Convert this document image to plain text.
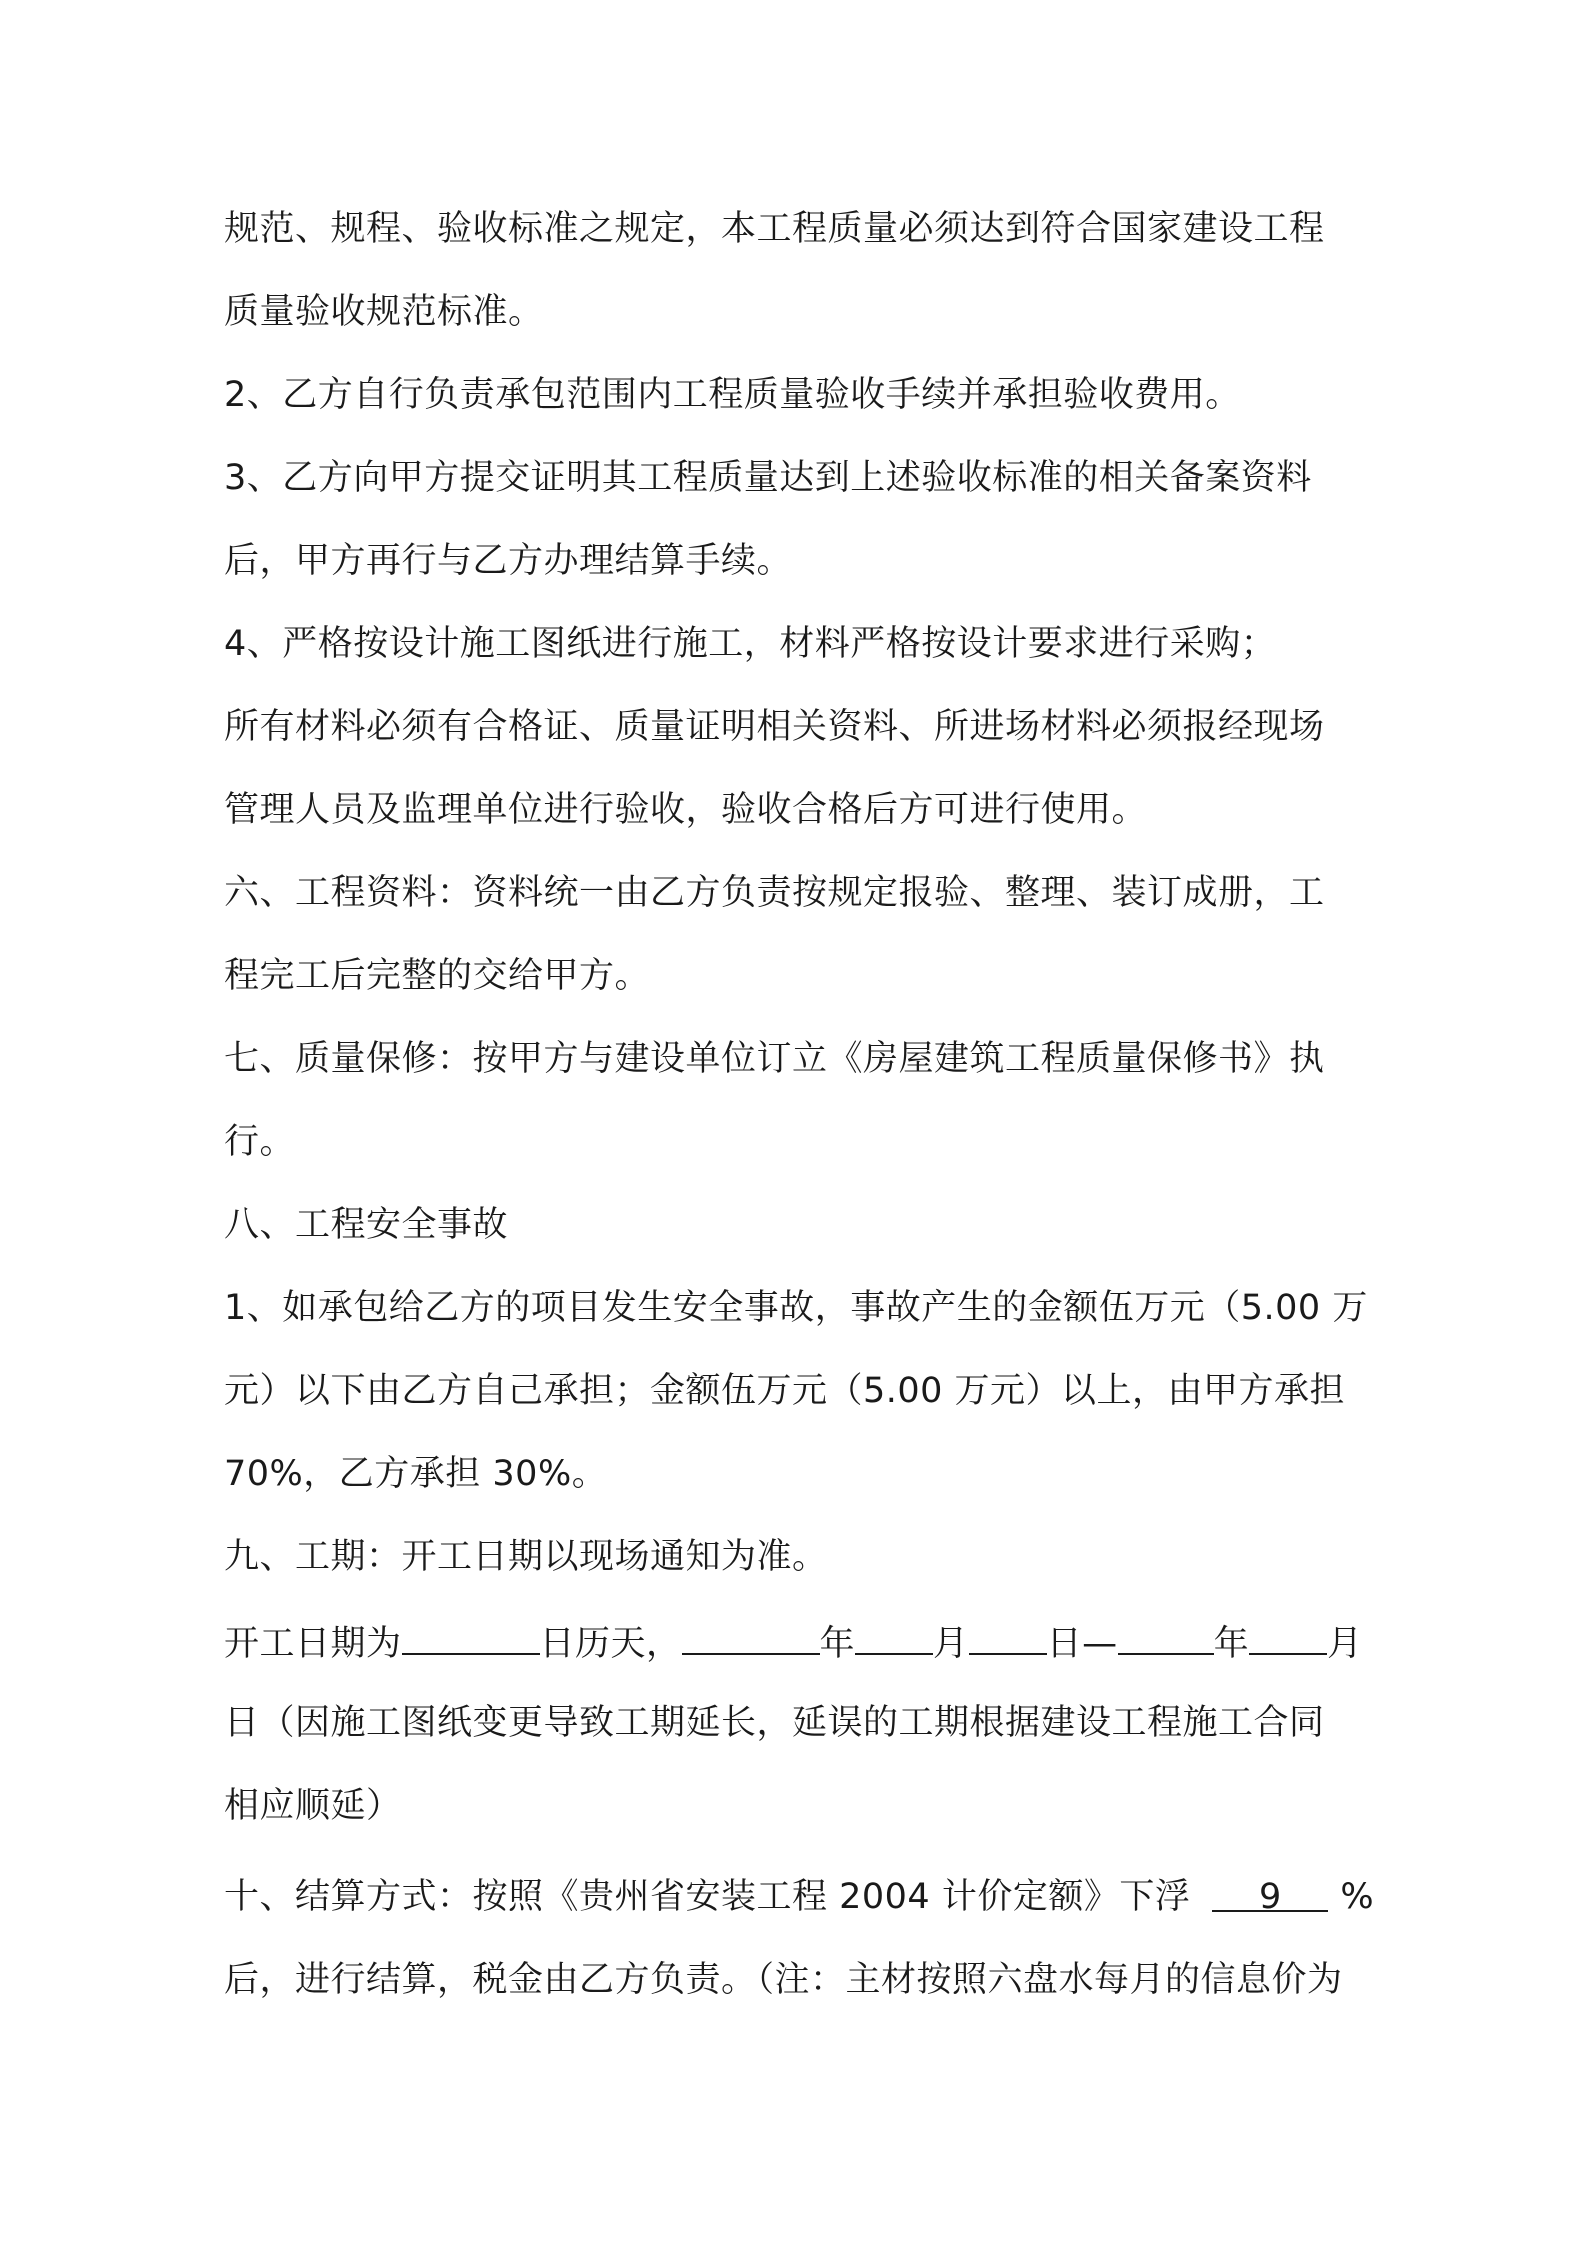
规范、规程、验收标准之规定，本工程质量必须达到符合国家建设工程
质量验收规范标准。
2、乙方自行负责承包范围内工程质量验收手续并承担验收费用。
3、乙方向甲方提交证明其工程质量达到上述验收标准的相关备案资料
后，甲方再行与乙方办理结算手续。
4、严格按设计施工图纸进行施工，材料严格按设计要求进行采购；
所有材料必须有合格证、质量证明相关资料、所进场材料必须报经现场
管理人员及监理单位进行验收，验收合格后方可进行使用。
六、工程资料：资料统一由乙方负责按规定报验、整理、装订成册，工
程完工后完整的交给甲方。
七、质量保修：按甲方与建设单位订立《房屋建筑工程质量保修书》执
行。
八、工程安全事故
1、如承包给乙方的项目发生安全事故，事故产生的金额伍万元（5.00 万
元）以下由乙方自己承担；金额伍万元（5.00 万元）以上，由甲方承担
70%，乙方承担 30%。
九、工期：开工日期以现场通知为准。
开工日期为	日历天，	年 月 日—	年 月
日（因施工图纸变更导致工期延长，延误的工期根据建设工程施工合同
相应顺延）
十、结算方式：按照《贵州省安装工程 2004 计价定额》下浮 9 %
后，进行结算，税金由乙方负责。（注：主材按照六盘水每月的信息价为
